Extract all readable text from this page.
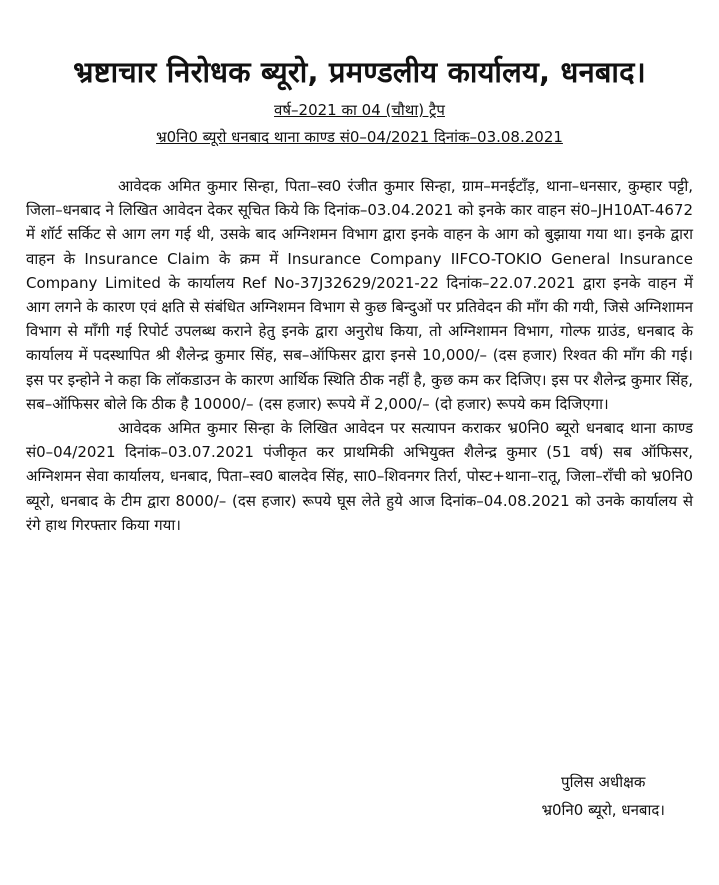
भ्रष्टाचार निरोधक ब्यूरो, प्रमण्डलीय कार्यालय, धनबाद।
वर्ष–2021 का 04 (चौथा) ट्रैप
भ्र0नि0 ब्यूरो धनबाद थाना काण्ड सं0–04/2021 दिनांक–03.08.2021

आवेदक अमित कुमार सिन्हा, पिता–स्व0 रंजीत कुमार सिन्हा, ग्राम–मनईटाँड़, थाना–धनसार, कुम्हार पट्टी, जिला–धनबाद ने लिखित आवेदन देकर सूचित किये कि दिनांक–03.04.2021 को इनके कार वाहन सं0–JH10AT-4672 में शॉर्ट सर्किट से आग लग गई थी, उसके बाद अग्निशमन विभाग द्वारा इनके वाहन के आग को बुझाया गया था। इनके द्वारा वाहन के Insurance Claim के क्रम में Insurance Company IIFCO-TOKIO General Insurance Company Limited के कार्यालय Ref No-37J32629/2021-22 दिनांक–22.07.2021 द्वारा इनके वाहन में आग लगने के कारण एवं क्षति से संबंधित अग्निशमन विभाग से कुछ बिन्दुओं पर प्रतिवेदन की माँग की गयी, जिसे अग्निशामन विभाग से माँगी गई रिपोर्ट उपलब्ध कराने हेतु इनके द्वारा अनुरोध किया, तो अग्निशामन विभाग, गोल्फ ग्राउंड, धनबाद के कार्यालय में पदस्थापित श्री शैलेन्द्र कुमार सिंह, सब–ऑफिसर द्वारा इनसे 10,000/– (दस हजार) रिश्वत की माँग की गई। इस पर इन्होने ने कहा कि लॉकडाउन के कारण आर्थिक स्थिति ठीक नहीं है, कुछ कम कर दिजिए। इस पर शैलेन्द्र कुमार सिंह, सब–ऑफिसर बोले कि ठीक है 10000/– (दस हजार) रूपये में 2,000/– (दो हजार) रूपये कम दिजिएगा।

आवेदक अमित कुमार सिन्हा के लिखित आवेदन पर सत्यापन कराकर भ्र0नि0 ब्यूरो धनबाद थाना काण्ड सं0–04/2021 दिनांक–03.07.2021 पंजीकृत कर प्राथमिकी अभियुक्त शैलेन्द्र कुमार (51 वर्ष) सब ऑफिसर, अग्निशमन सेवा कार्यालय, धनबाद, पिता–स्व0 बालदेव सिंह, सा0–शिवनगर तिर्रा, पोस्ट+थाना–रातू, जिला–राँची को भ्र0नि0 ब्यूरो, धनबाद के टीम द्वारा 8000/– (दस हजार) रूपये घूस लेते हुये आज दिनांक–04.08.2021 को उनके कार्यालय से रंगे हाथ गिरफ्तार किया गया।

पुलिस अधीक्षक
भ्र0नि0 ब्यूरो, धनबाद।
